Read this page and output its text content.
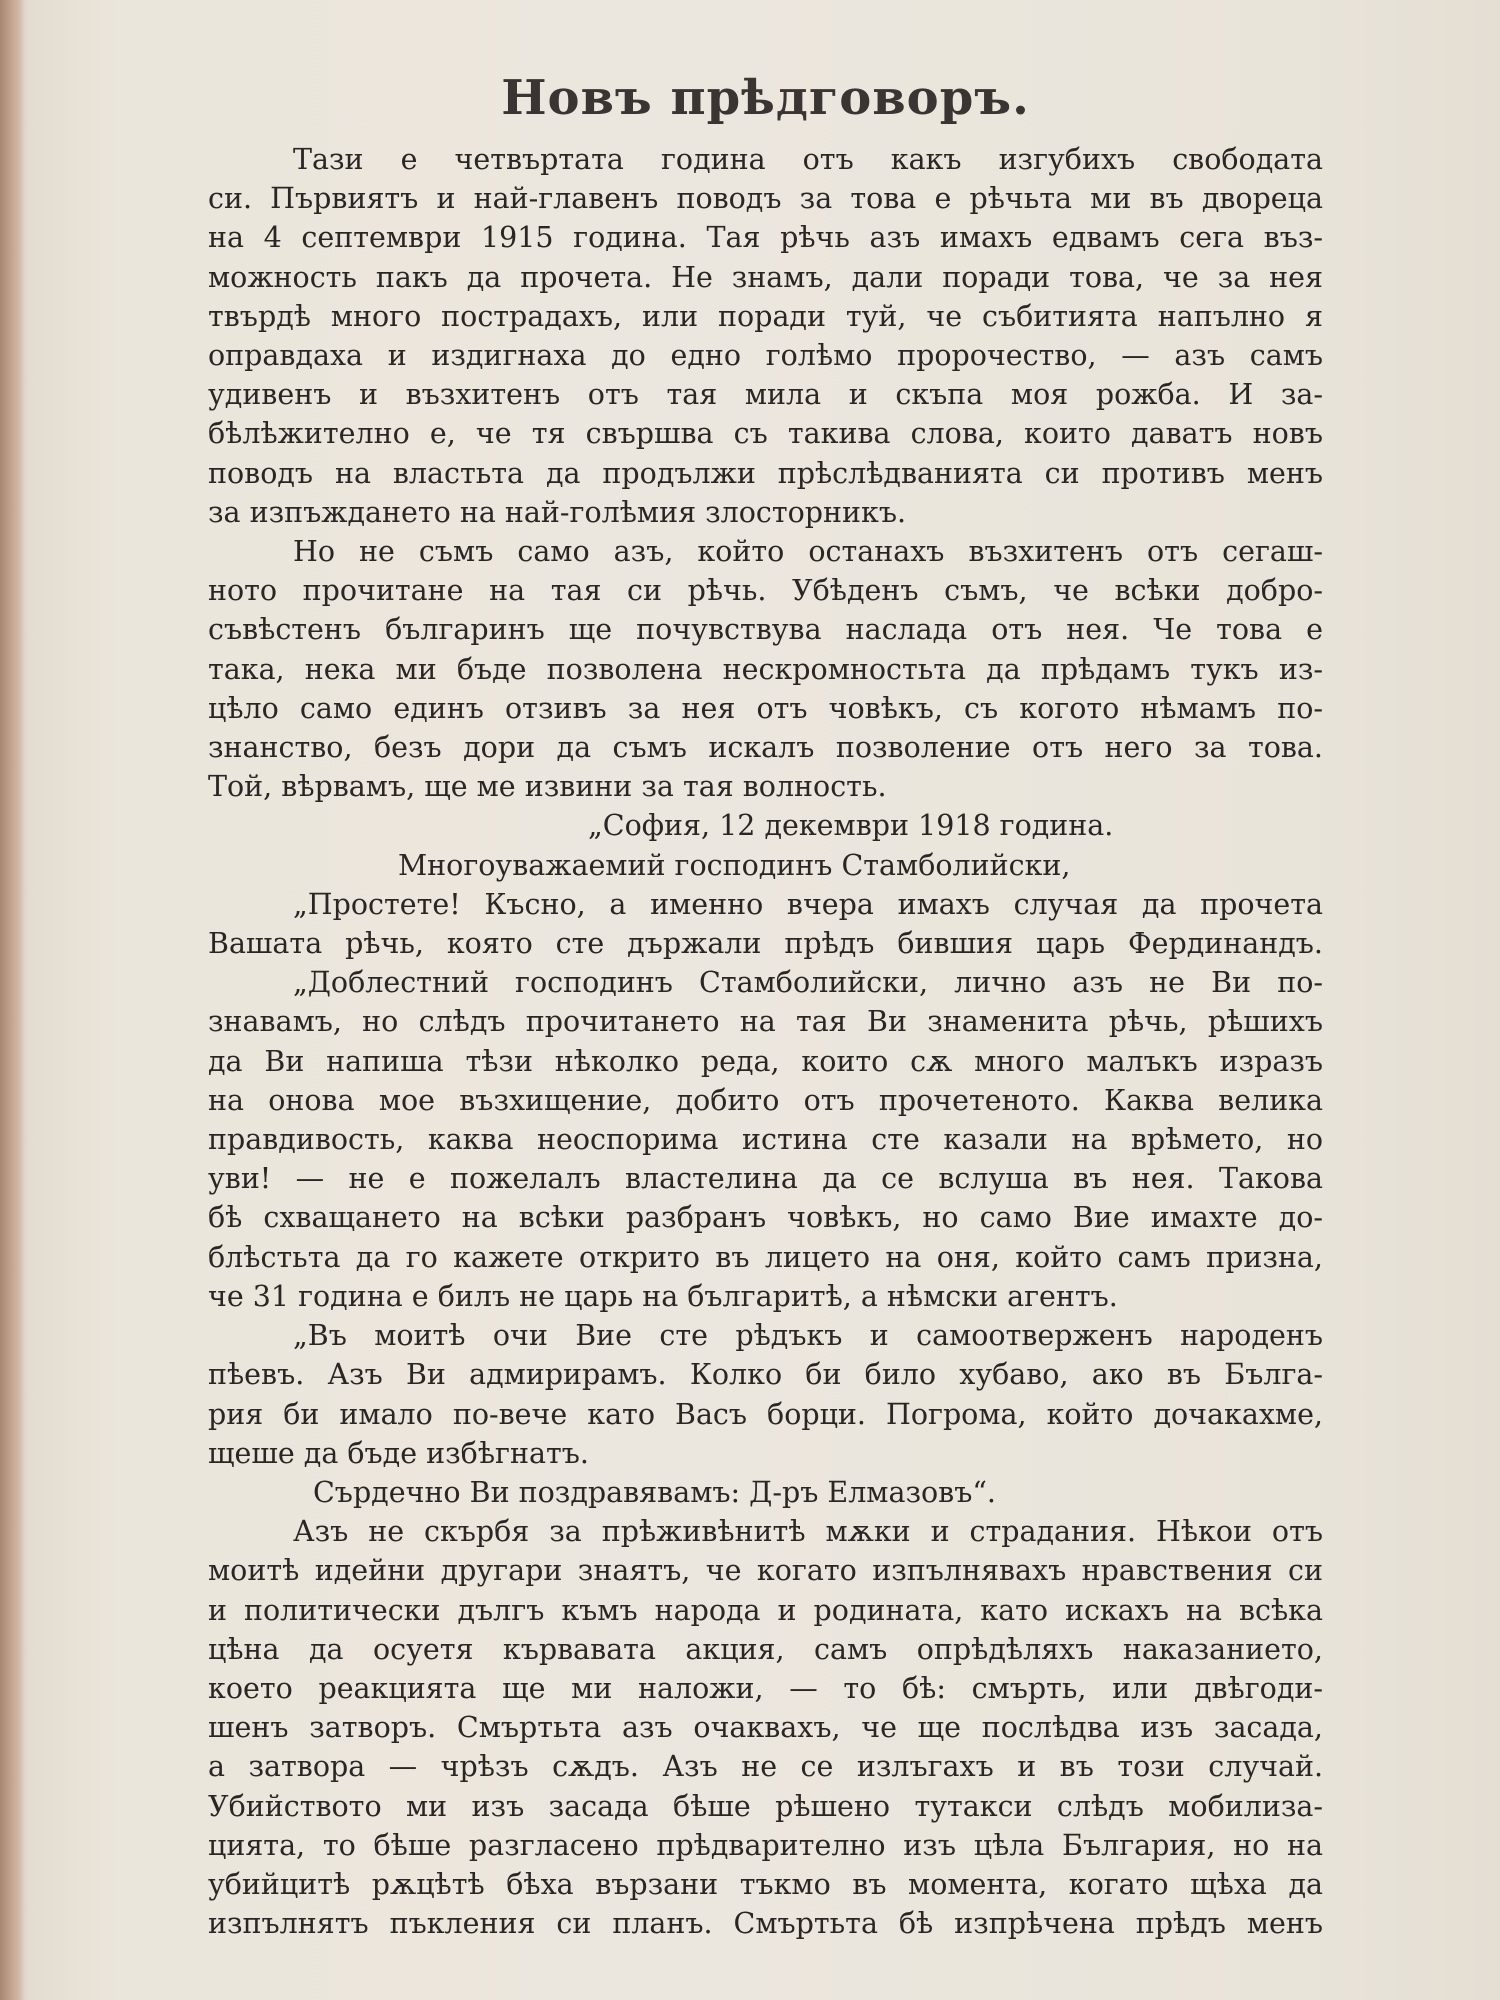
Новъ прѣдговоръ.
Тази е четвъртата година отъ какъ изгубихъ свободата
си. Първиятъ и най-главенъ поводъ за това е рѣчьта ми въ двореца
на 4 септември 1915 година. Тая рѣчь азъ имахъ едвамъ сега въз-
можность пакъ да прочета. Не знамъ, дали поради това, че за нея
твърдѣ много пострадахъ, или поради туй, че събитията напълно я
оправдаха и издигнаха до едно голѣмо пророчество, — азъ самъ
удивенъ и възхитенъ отъ тая мила и скъпа моя рожба. И за-
бѣлѣжително е, че тя свършва съ такива слова, които даватъ новъ
поводъ на властьта да продължи прѣслѣдванията си противъ менъ
за изпъждането на най-голѣмия злосторникъ.
Но не съмъ само азъ, който останахъ възхитенъ отъ сегаш-
ното прочитане на тая си рѣчь. Убѣденъ съмъ, че всѣки добро-
съвѣстенъ българинъ ще почувствува наслада отъ нея. Че това е
така, нека ми бъде позволена нескромностьта да прѣдамъ тукъ из-
цѣло само единъ отзивъ за нея отъ човѣкъ, съ когото нѣмамъ по-
знанство, безъ дори да съмъ искалъ позволение отъ него за това.
Той, вѣрвамъ, ще ме извини за тая волность.
„София, 12 декември 1918 година.
Многоуважаемий господинъ Стамболийски,
„Простете! Късно, а именно вчера имахъ случая да прочета
Вашата рѣчь, която сте държали прѣдъ бившия царь Фердинандъ.
„Доблестний господинъ Стамболийски, лично азъ не Ви по-
знавамъ, но слѣдъ прочитането на тая Ви знаменита рѣчь, рѣшихъ
да Ви напиша тѣзи нѣколко реда, които сѫ много малъкъ изразъ
на онова мое възхищение, добито отъ прочетеното. Каква велика
правдивость, каква неоспорима истина сте казали на врѣмето, но
уви! — не е пожелалъ властелина да се вслуша въ нея. Такова
бѣ схващането на всѣки разбранъ човѣкъ, но само Вие имахте до-
блѣстьта да го кажете открито въ лицето на оня, който самъ призна,
че 31 година е билъ не царь на българитѣ, а нѣмски агентъ.
„Въ моитѣ очи Вие сте рѣдъкъ и самоотверженъ народенъ
пѣевъ. Азъ Ви адмирирамъ. Колко би било хубаво, ако въ Бълга-
рия би имало по-вече като Васъ борци. Погрома, който дочакахме,
щеше да бъде избѣгнатъ.
Сърдечно Ви поздравявамъ: Д-ръ Елмазовъ“.
Азъ не скърбя за прѣживѣнитѣ мѫки и страдания. Нѣкои отъ
моитѣ идейни другари знаятъ, че когато изпълнявахъ нравствения си
и политически дългъ къмъ народа и родината, като искахъ на всѣка
цѣна да осуетя кървавата акция, самъ опрѣдѣляхъ наказанието,
което реакцията ще ми наложи, — то бѣ: смърть, или двѣгоди-
шенъ затворъ. Смъртьта азъ очаквахъ, че ще послѣдва изъ засада,
а затвора — чрѣзъ сѫдъ. Азъ не се излъгахъ и въ този случай.
Убийството ми изъ засада бѣше рѣшено тутакси слѣдъ мобилиза-
цията, то бѣше разгласено прѣдварително изъ цѣла България, но на
убийцитѣ рѫцѣтѣ бѣха вързани тъкмо въ момента, когато щѣха да
изпълнятъ пъкления си планъ. Смъртьта бѣ изпрѣчена прѣдъ менъ
